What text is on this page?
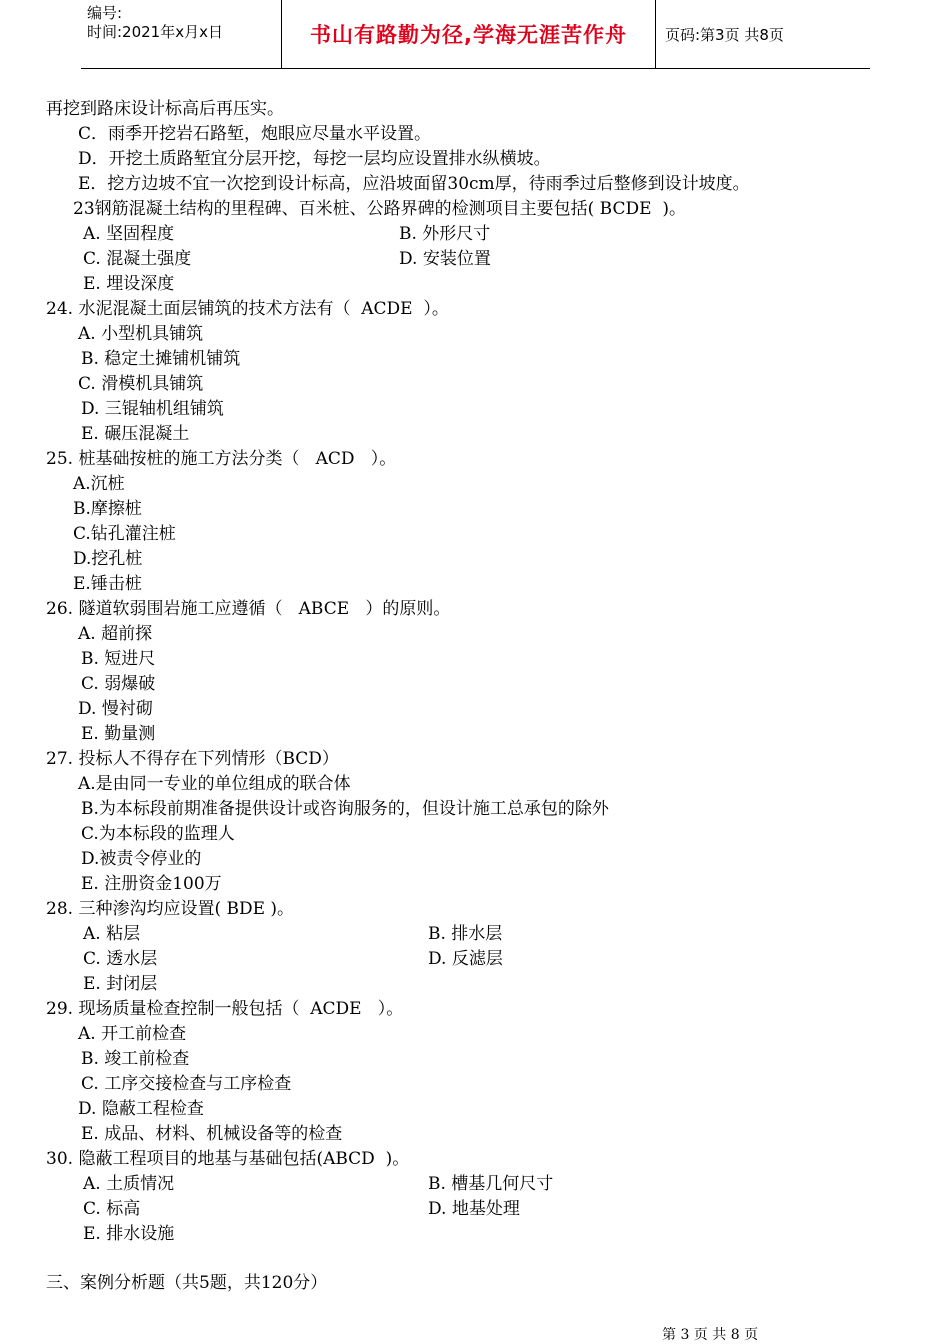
编号:
时间:2021年x月x日	书山有路勤为径,学海无涯苦作舟	页码:第3页 共8页
再挖到路床设计标高后再压实。
C．雨季开挖岩石路堑，炮眼应尽量水平设置。
D．开挖土质路堑宜分层开挖，每挖一层均应设置排水纵横坡。
E．挖方边坡不宜一次挖到设计标高，应沿坡面留30cm厚，待雨季过后整修到设计坡度。
23钢筋混凝土结构的里程碑、百米桩、公路界碑的检测项目主要包括( BCDE  )。
A. 坚固程度	B. 外形尺寸
C. 混凝土强度	D. 安装位置
E. 埋设深度
24. 水泥混凝土面层铺筑的技术方法有（  ACDE  ）。
A. 小型机具铺筑
B. 稳定土摊铺机铺筑
C. 滑模机具铺筑
D. 三锟轴机组铺筑
E. 碾压混凝土
25. 桩基础按桩的施工方法分类（   ACD   ）。
A.沉桩
B.摩擦桩
C.钻孔灌注桩
D.挖孔桩
E.锤击桩
26. 隧道软弱围岩施工应遵循（   ABCE   ）的原则。
A. 超前探
B. 短进尺
C. 弱爆破
D. 慢衬砌
E. 勤量测
27. 投标人不得存在下列情形（BCD）
A.是由同一专业的单位组成的联合体
B.为本标段前期准备提供设计或咨询服务的，但设计施工总承包的除外
C.为本标段的监理人
D.被责令停业的
E. 注册资金100万
28. 三种渗沟均应设置( BDE )。
A. 粘层	B. 排水层
C. 透水层	D. 反滤层
E. 封闭层
29. 现场质量检查控制一般包括（  ACDE   ）。
A. 开工前检查
B. 竣工前检查
C. 工序交接检查与工序检查
D. 隐蔽工程检查
E. 成品、材料、机械设备等的检查
30. 隐蔽工程项目的地基与基础包括(ABCD  )。
A. 土质情况	B. 槽基几何尺寸
C. 标高	D. 地基处理
E. 排水设施
三、案例分析题（共5题，共120分）
第 3 页 共 8 页
